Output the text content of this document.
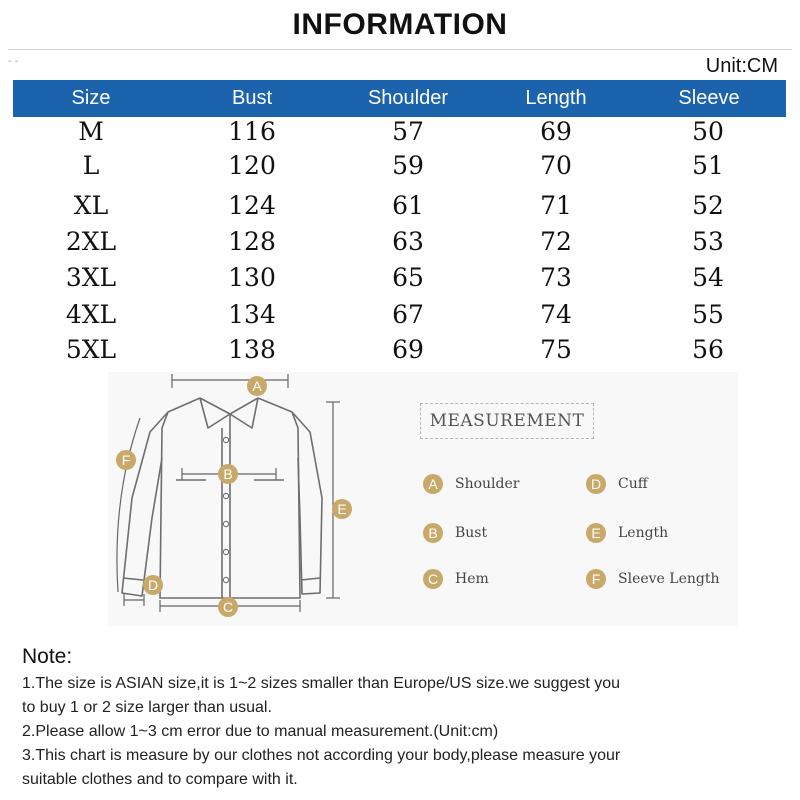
INFORMATION
- -	Unit:CM
Size	Bust	Shoulder	Length	Sleeve
M	116	57	69	50
L	120	59	70	51
XL	124	61	71	52
2XL	128	63	72	53
3XL	130	65	73	54
4XL	134	67	74	55
5XL	138	69	75	56
A
B
C
D
E
F
MEASUREMENT
A	Shoulder
B	Bust
C	Hem
D	Cuff
E	Length
F	Sleeve Length
Note:
1.The size is ASIAN size,it is 1~2 sizes smaller than Europe/US size.we suggest you
to buy 1 or 2 size larger than usual.
2.Please allow 1~3 cm error due to manual measurement.(Unit:cm)
3.This chart is measure by our clothes not according your body,please measure your
suitable clothes and to compare with it.
